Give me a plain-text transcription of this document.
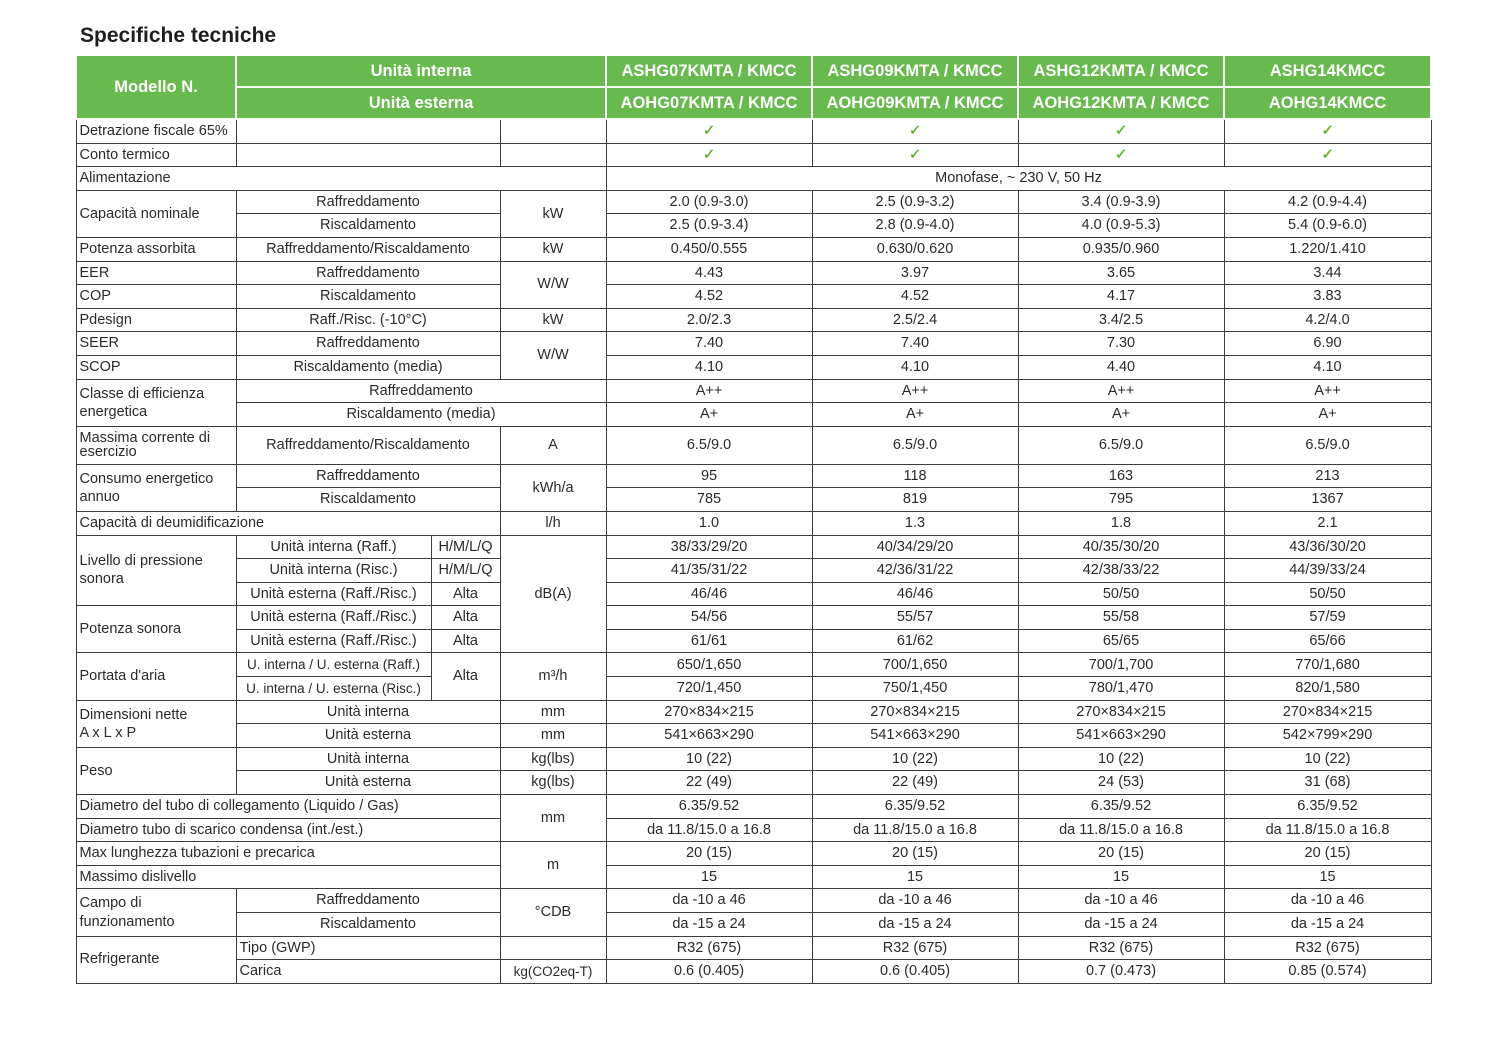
Specifiche tecniche
Modello N.	Unità interna			ASHG07KMTA / KMCC	ASHG09KMTA / KMCC	ASHG12KMTA / KMCC	ASHG14KMCC
	Unità esterna			AOHG07KMTA / KMCC	AOHG09KMTA / KMCC	AOHG12KMTA / KMCC	AOHG14KMCC
Detrazione fiscale 65%				✓	✓	✓	✓
Conto termico				✓	✓	✓	✓
Alimentazione				Monofase, ~ 230 V, 50 Hz			
Capacità nominale	Raffreddamento		kW	2.0 (0.9-3.0)	2.5 (0.9-3.2)	3.4 (0.9-3.9)	4.2 (0.9-4.4)
	Riscaldamento			2.5 (0.9-3.4)	2.8 (0.9-4.0)	4.0 (0.9-5.3)	5.4 (0.9-6.0)
Potenza assorbita	Raffreddamento/Riscaldamento		kW	0.450/0.555	0.630/0.620	0.935/0.960	1.220/1.410
EER	Raffreddamento		W/W	4.43	3.97	3.65	3.44
COP	Riscaldamento			4.52	4.52	4.17	3.83
Pdesign	Raff./Risc. (-10°C)		kW	2.0/2.3	2.5/2.4	3.4/2.5	4.2/4.0
SEER	Raffreddamento		W/W	7.40	7.40	7.30	6.90
SCOP	Riscaldamento (media)			4.10	4.10	4.40	4.10
Classe di efficienza energetica	Raffreddamento			A++	A++	A++	A++
	Riscaldamento (media)			A+	A+	A+	A+
Massima corrente di esercizio	Raffreddamento/Riscaldamento		A	6.5/9.0	6.5/9.0	6.5/9.0	6.5/9.0
Consumo energetico annuo	Raffreddamento		kWh/a	95	118	163	213
	Riscaldamento			785	819	795	1367
Capacità di deumidificazione			l/h	1.0	1.3	1.8	2.1
Livello di pressione sonora	Unità interna (Raff.)	H/M/L/Q	dB(A)	38/33/29/20	40/34/29/20	40/35/30/20	43/36/30/20
	Unità interna (Risc.)	H/M/L/Q		41/35/31/22	42/36/31/22	42/38/33/22	44/39/33/24
	Unità esterna (Raff./Risc.)	Alta		46/46	46/46	50/50	50/50
Potenza sonora	Unità esterna (Raff./Risc.)	Alta		54/56	55/57	55/58	57/59
	Unità esterna (Raff./Risc.)	Alta		61/61	61/62	65/65	65/66
Portata d'aria	U. interna / U. esterna (Raff.)	Alta	m³/h	650/1,650	700/1,650	700/1,700	770/1,680
	U. interna / U. esterna (Risc.)			720/1,450	750/1,450	780/1,470	820/1,580
Dimensioni nette
A x L x P	Unità interna		mm	270×834×215	270×834×215	270×834×215	270×834×215
	Unità esterna		mm	541×663×290	541×663×290	541×663×290	542×799×290
Peso	Unità interna		kg(lbs)	10 (22)	10 (22)	10 (22)	10 (22)
	Unità esterna		kg(lbs)	22 (49)	22 (49)	24 (53)	31 (68)
Diametro del tubo di collegamento (Liquido / Gas)			mm	6.35/9.52	6.35/9.52	6.35/9.52	6.35/9.52
Diametro tubo di scarico condensa (int./est.)				da 11.8/15.0 a 16.8	da 11.8/15.0 a 16.8	da 11.8/15.0 a 16.8	da 11.8/15.0 a 16.8
Max lunghezza tubazioni e precarica			m	20 (15)	20 (15)	20 (15)	20 (15)
Massimo dislivello				15	15	15	15
Campo di funzionamento	Raffreddamento		°CDB	da -10 a 46	da -10 a 46	da -10 a 46	da -10 a 46
	Riscaldamento			da -15 a 24	da -15 a 24	da -15 a 24	da -15 a 24
Refrigerante	Tipo (GWP)			R32 (675)	R32 (675)	R32 (675)	R32 (675)
	Carica		kg(CO2eq-T)	0.6 (0.405)	0.6 (0.405)	0.7 (0.473)	0.85 (0.574)
